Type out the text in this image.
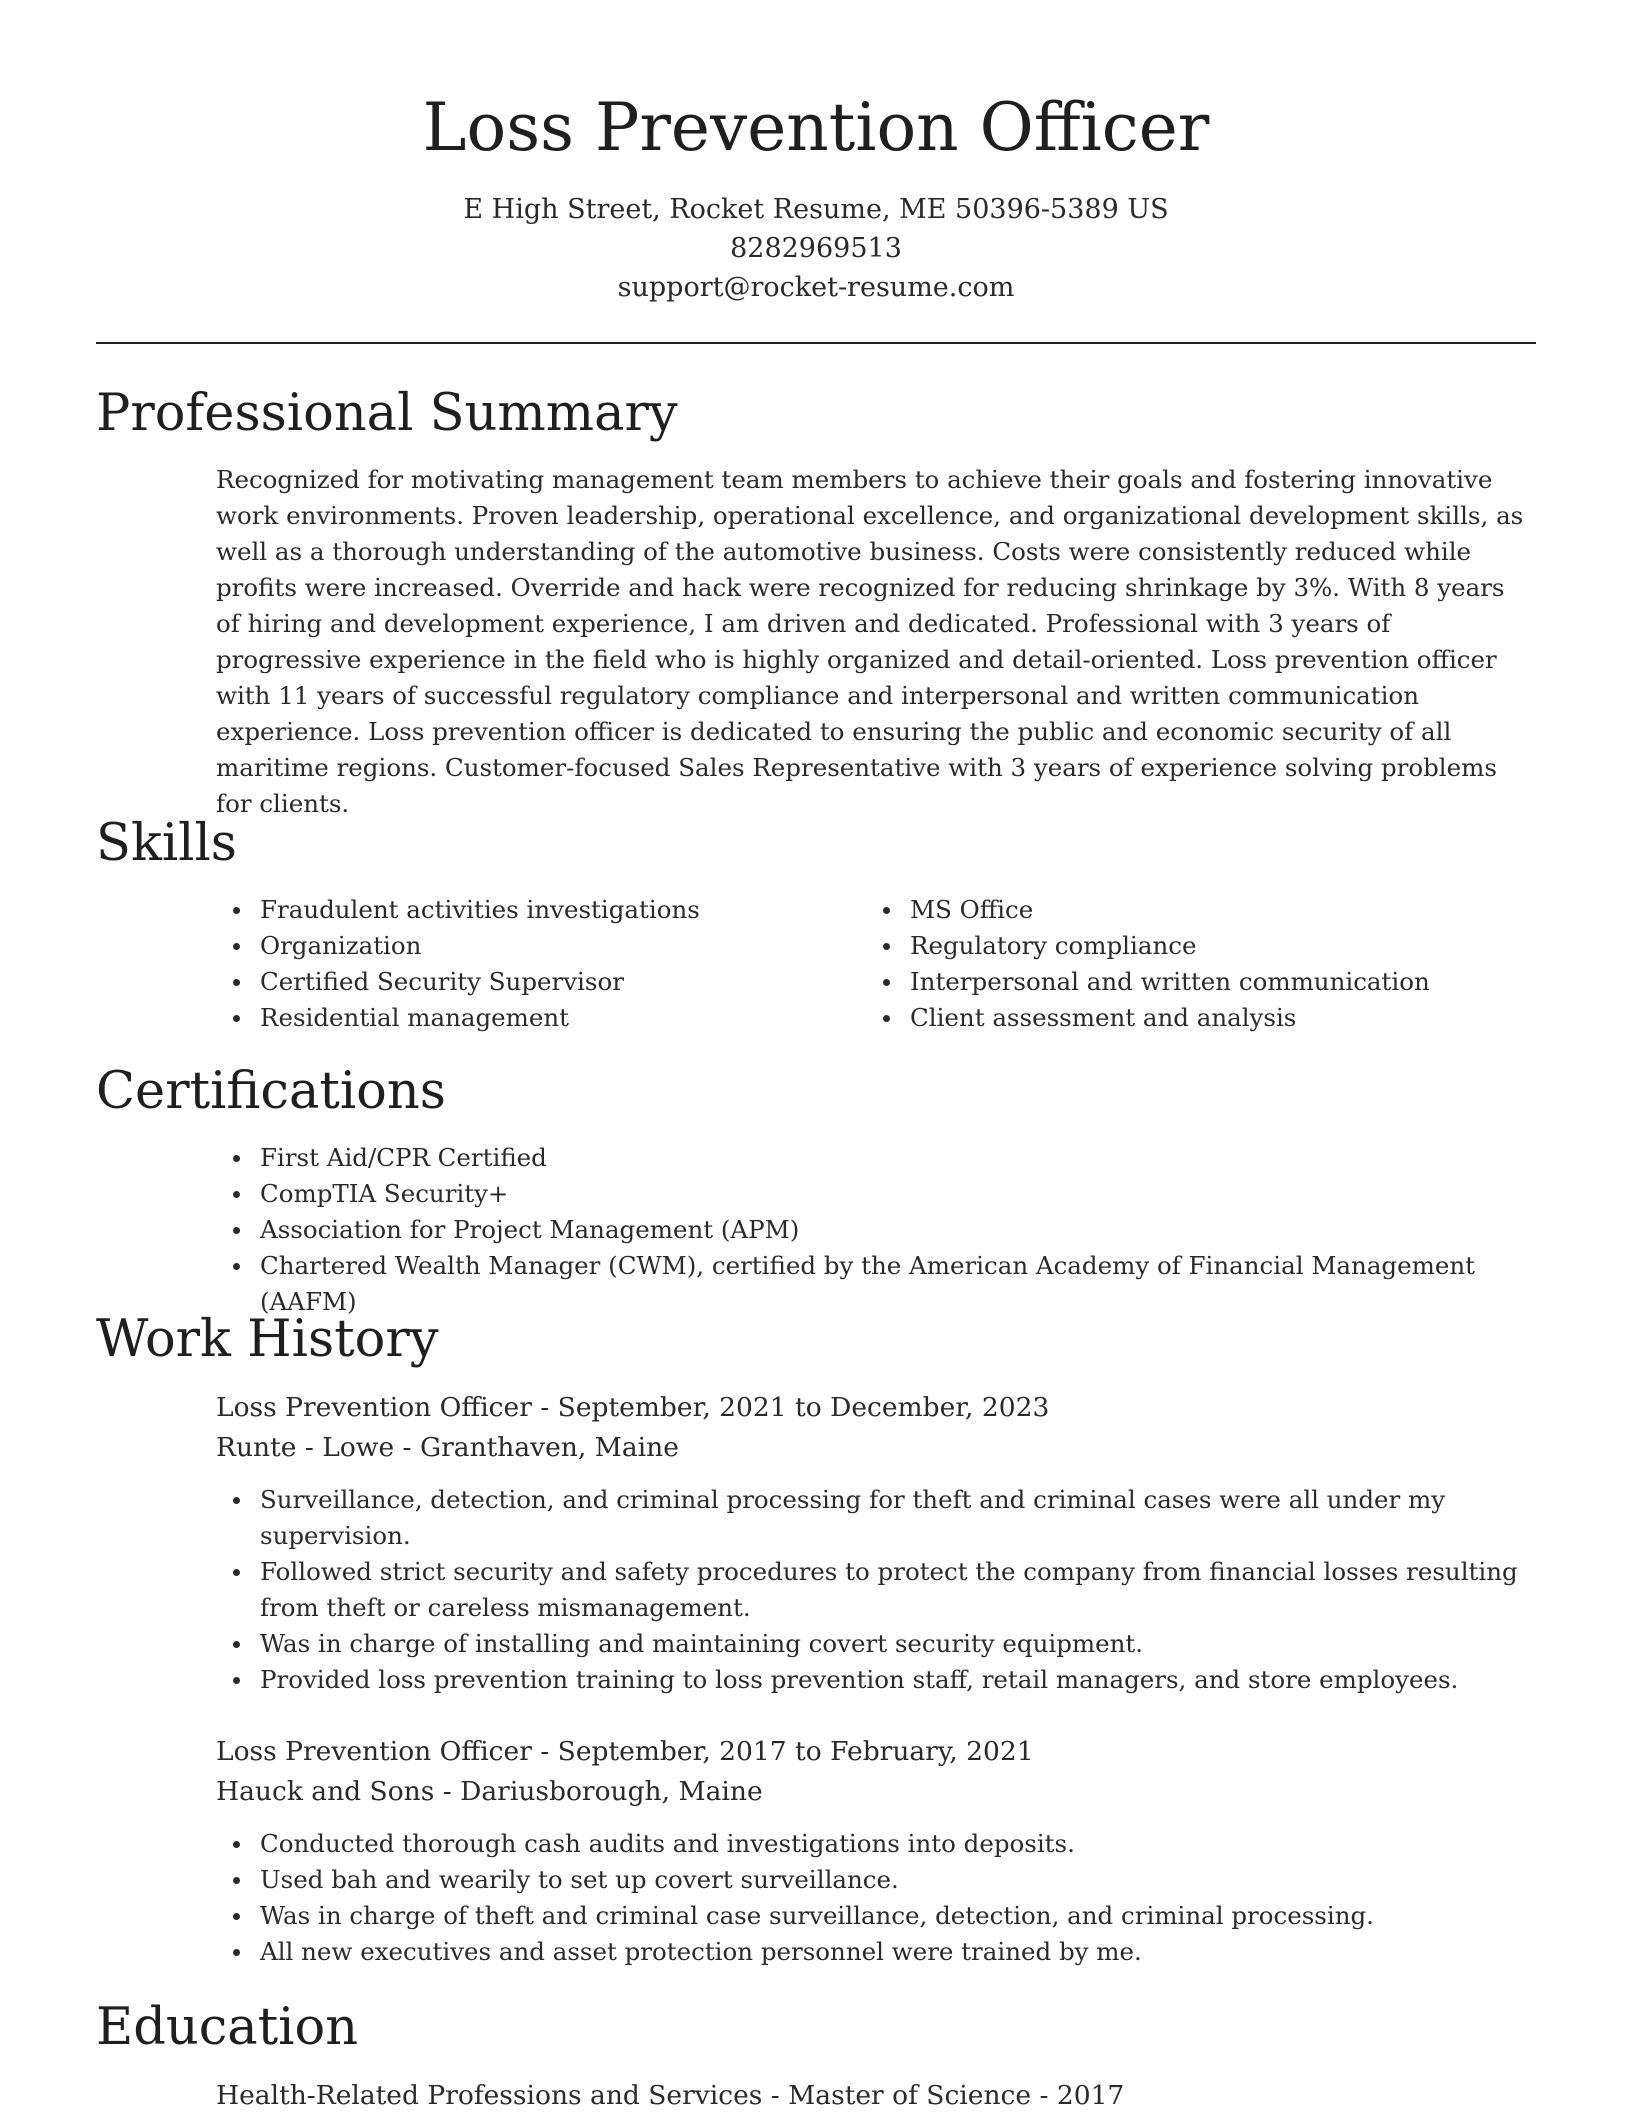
Loss Prevention Officer
E High Street, Rocket Resume, ME 50396-5389 US
8282969513
support@rocket-resume.com
Professional Summary

Recognized for motivating management team members to achieve their goals and fostering innovative work environments. Proven leadership, operational excellence, and organizational development skills, as well as a thorough understanding of the automotive business. Costs were consistently reduced while profits were increased. Override and hack were recognized for reducing shrinkage by 3%. With 8 years of hiring and development experience, I am driven and dedicated. Professional with 3 years of progressive experience in the field who is highly organized and detail-oriented. Loss prevention officer with 11 years of successful regulatory compliance and interpersonal and written communication experience. Loss prevention officer is dedicated to ensuring the public and economic security of all maritime regions. Customer-focused Sales Representative with 3 years of experience solving problems for clients.

Skills
Fraudulent activities investigations
Organization
Certified Security Supervisor
Residential management
MS Office
Regulatory compliance
Interpersonal and written communication
Client assessment and analysis
Certifications
First Aid/CPR Certified
CompTIA Security+
Association for Project Management (APM)
Chartered Wealth Manager (CWM), certified by the American Academy of Financial Management (AAFM)
Work History
Loss Prevention Officer - September, 2021 to December, 2023
Runte - Lowe - Granthaven, Maine
Surveillance, detection, and criminal processing for theft and criminal cases were all under my supervision.
Followed strict security and safety procedures to protect the company from financial losses resulting from theft or careless mismanagement.
Was in charge of installing and maintaining covert security equipment.
Provided loss prevention training to loss prevention staff, retail managers, and store employees.
Loss Prevention Officer - September, 2017 to February, 2021
Hauck and Sons - Dariusborough, Maine
Conducted thorough cash audits and investigations into deposits.
Used bah and wearily to set up covert surveillance.
Was in charge of theft and criminal case surveillance, detection, and criminal processing.
All new executives and asset protection personnel were trained by me.
Education
Health-Related Professions and Services - Master of Science - 2017
